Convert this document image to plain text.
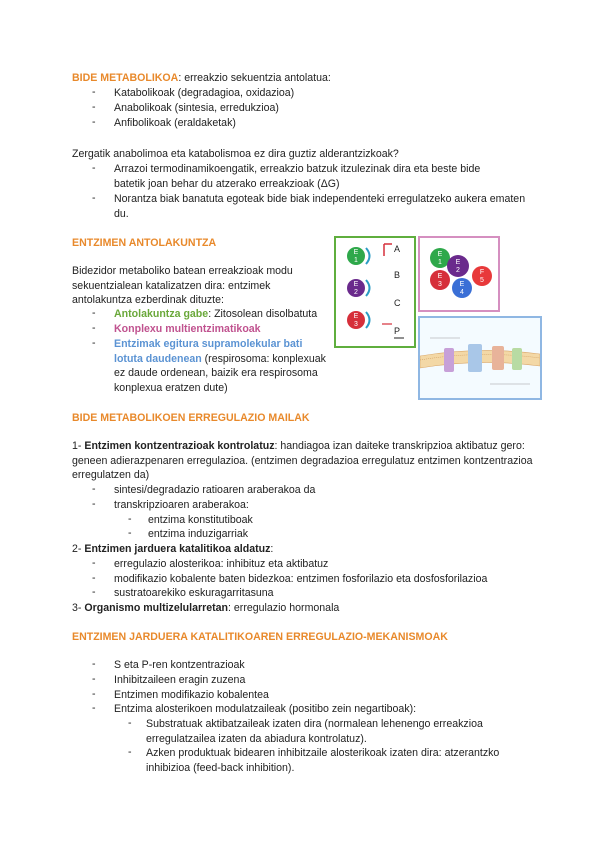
BIDE METABOLIKOA: erreakzio sekuentzia antolatua:
- Katabolikoak (degradagioa, oxidazioa)
- Anabolikoak (sintesia, erredukzioa)
- Anfibolikoak (eraldaketak)
Zergatik anabolimoa eta katabolismoa ez dira guztiz alderantzizkoak?
- Arrazoi termodinamikoengatik, erreakzio batzuk itzulezinak dira eta beste bide batetik joan behar du atzerako erreakzioak (ΔG)
- Norantza biak banatuta egoteak bide biak independenteki erregulatzeko aukera ematen du.
ENTZIMEN ANTOLAKUNTZA
Bidezidor metaboliko batean erreakzioak modu sekuentzialean katalizatzen dira: entzimek antolakuntza ezberdinak dituzte:
- Antolakuntza gabe: Zitosolean disolbatuta
- Konplexu multientzimatikoak
- Entzimak egitura supramolekular bati lotuta daudenean (respirosoma: konplexuak ez daude ordenean, baizik era respirosoma konplexua eratzen dute)
E
1
E
2
E
3
A
B
C
P
E
1 E
2
E
3	E
4
F
5
BIDE METABOLIKOEN ERREGULAZIO MAILAK
1- Entzimen kontzentrazioak kontrolatuz: handiagoa izan daiteke transkripzioa aktibatuz gero: geneen adierazpenaren erregulazioa. (entzimen degradazioa erregulatuz entzimen kontzentrazioa erregulatzen da)
- sintesi/degradazio ratioaren araberakoa da
- transkripzioaren araberakoa:
- entzima konstitutiboak
- entzima induzigarriak
2- Entzimen jarduera katalitikoa aldatuz:
- erregulazio alosterikoa: inhibituz eta aktibatuz
- modifikazio kobalente baten bidezkoa: entzimen fosforilazio eta dosfosforilazioa
- sustratoarekiko eskuragarritasuna
3- Organismo multizelularretan: erregulazio hormonala
ENTZIMEN JARDUERA KATALITIKOAREN ERREGULAZIO-MEKANISMOAK
- S eta P-ren kontzentrazioak
- Inhibitzaileen eragin zuzena
- Entzimen modifikazio kobalentea
- Entzima alosterikoen modulatzaileak (positibo zein negartiboak):
- Substratuak aktibatzaileak izaten dira (normalean lehenengo erreakzioa erregulatzailea izaten da abiadura kontrolatuz).
- Azken produktuak bidearen inhibitzaile alosterikoak izaten dira: atzerantzko inhibizioa (feed-back inhibition).
